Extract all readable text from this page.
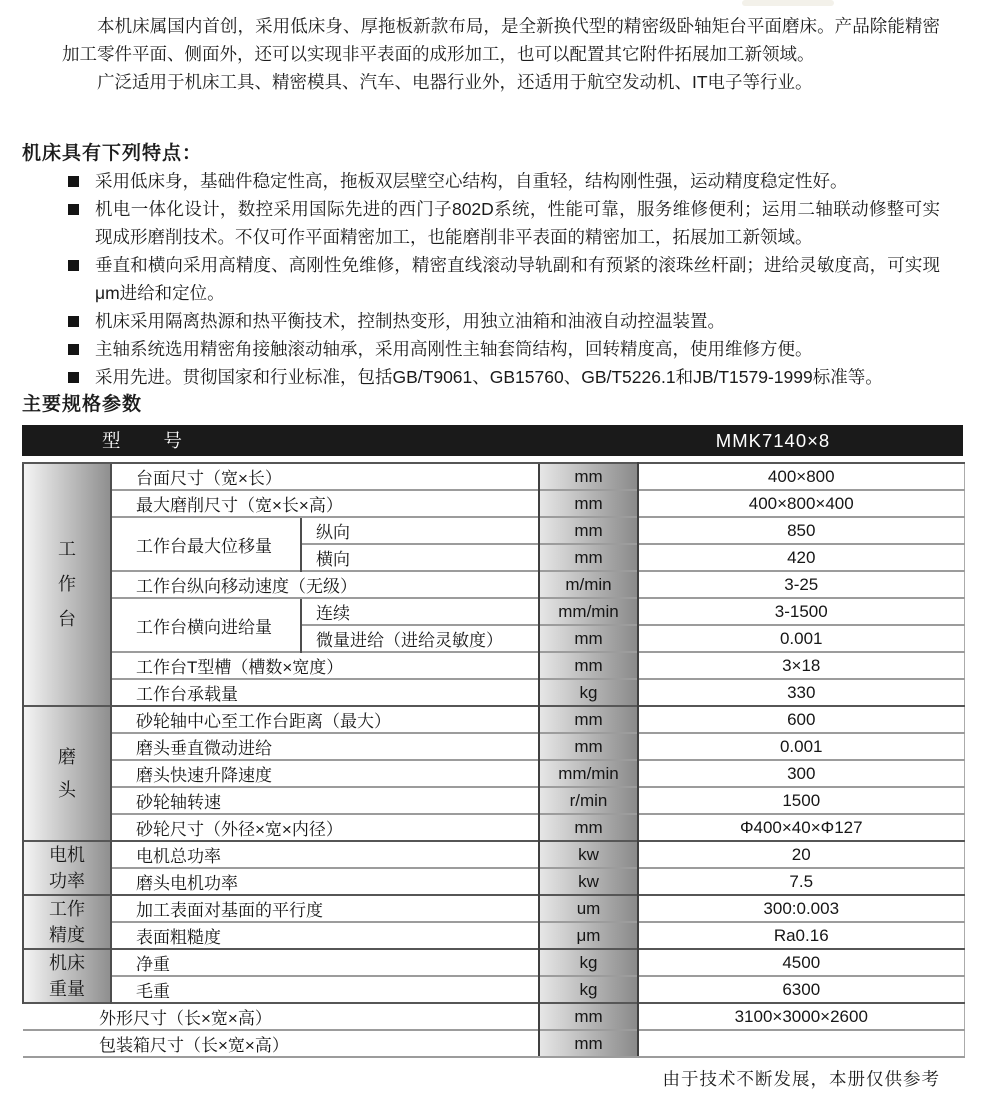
本机床属国内首创，采用低床身、厚拖板新款布局，是全新换代型的精密级卧轴矩台平面磨床。产品除能精密加工零件平面、侧面外，还可以实现非平表面的成形加工，也可以配置其它附件拓展加工新领域。

广泛适用于机床工具、精密模具、汽车、电器行业外，还适用于航空发动机、IT电子等行业。

机床具有下列特点：
采用低床身，基础件稳定性高，拖板双层壁空心结构，自重轻，结构刚性强，运动精度稳定性好。
机电一体化设计，数控采用国际先进的西门子802D系统，性能可靠，服务维修便利；运用二轴联动修整可实现成形磨削技术。不仅可作平面精密加工，也能磨削非平表面的精密加工，拓展加工新领域。
垂直和横向采用高精度、高刚性免维修，精密直线滚动导轨副和有预紧的滚珠丝杆副；进给灵敏度高，可实现μm进给和定位。
机床采用隔离热源和热平衡技术，控制热变形，用独立油箱和油液自动控温装置。
主轴系统选用精密角接触滚动轴承，采用高刚性主轴套筒结构，回转精度高，使用维修方便。
采用先进。贯彻国家和行业标准，包括GB/T9061、GB15760、GB/T5226.1和JB/T1579-1999标准等。
主要规格参数
型　　号	MMK7140×8
工作台	台面尺寸（宽×长）		mm	400×800
	最大磨削尺寸（宽×长×高）		mm	400×800×400
	工作台最大位移量	纵向	mm	850
		横向	mm	420
	工作台纵向移动速度（无级）		m/min	3-25
	工作台横向进给量	连续	mm/min	3-1500
		微量进给（进给灵敏度）	mm	0.001
	工作台T型槽（槽数×宽度）		mm	3×18
	工作台承载量		kg	330
磨头	砂轮轴中心至工作台距离（最大）		mm	600
	磨头垂直微动进给		mm	0.001
	磨头快速升降速度		mm/min	300
	砂轮轴转速		r/min	1500
	砂轮尺寸（外径×宽×内径）		mm	Φ400×40×Φ127
电机功率	电机总功率		kw	20
	磨头电机功率		kw	7.5
工作精度	加工表面对基面的平行度		um	300:0.003
	表面粗糙度		μm	Ra0.16
机床重量	净重		kg	4500
	毛重		kg	6300
外形尺寸（长×宽×高）			mm	3100×3000×2600
包装箱尺寸（长×宽×高）			mm	
由于技术不断发展，本册仅供参考
